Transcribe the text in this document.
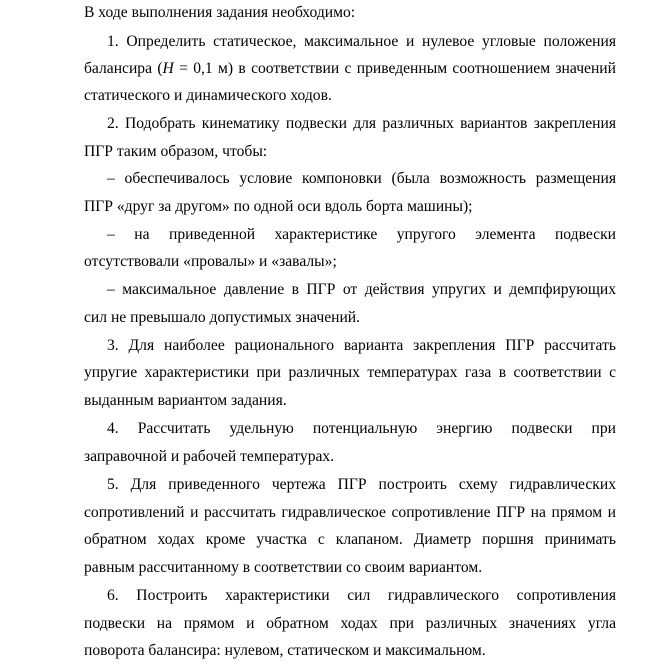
В ходе выполнения задания необходимо:
1. Определить статическое, максимальное и нулевое угловые положения
балансира (H = 0,1 м) в соответствии с приведенным соотношением значений
статического и динамического ходов.
2. Подобрать кинематику подвески для различных вариантов закрепления
ПГР таким образом, чтобы:
– обеспечивалось условие компоновки (была возможность размещения
ПГР «друг за другом» по одной оси вдоль борта машины);
– на приведенной характеристике упругого элемента подвески
отсутствовали «провалы» и «завалы»;
– максимальное давление в ПГР от действия упругих и демпфирующих
сил не превышало допустимых значений.
3. Для наиболее рационального варианта закрепления ПГР рассчитать
упругие характеристики при различных температурах газа в соответствии с
выданным вариантом задания.
4. Рассчитать удельную потенциальную энергию подвески при
заправочной и рабочей температурах.
5. Для приведенного чертежа ПГР построить схему гидравлических
сопротивлений и рассчитать гидравлическое сопротивление ПГР на прямом и
обратном ходах кроме участка с клапаном. Диаметр поршня принимать
равным рассчитанному в соответствии со своим вариантом.
6. Построить характеристики сил гидравлического сопротивления
подвески на прямом и обратном ходах при различных значениях угла
поворота балансира: нулевом, статическом и максимальном.
